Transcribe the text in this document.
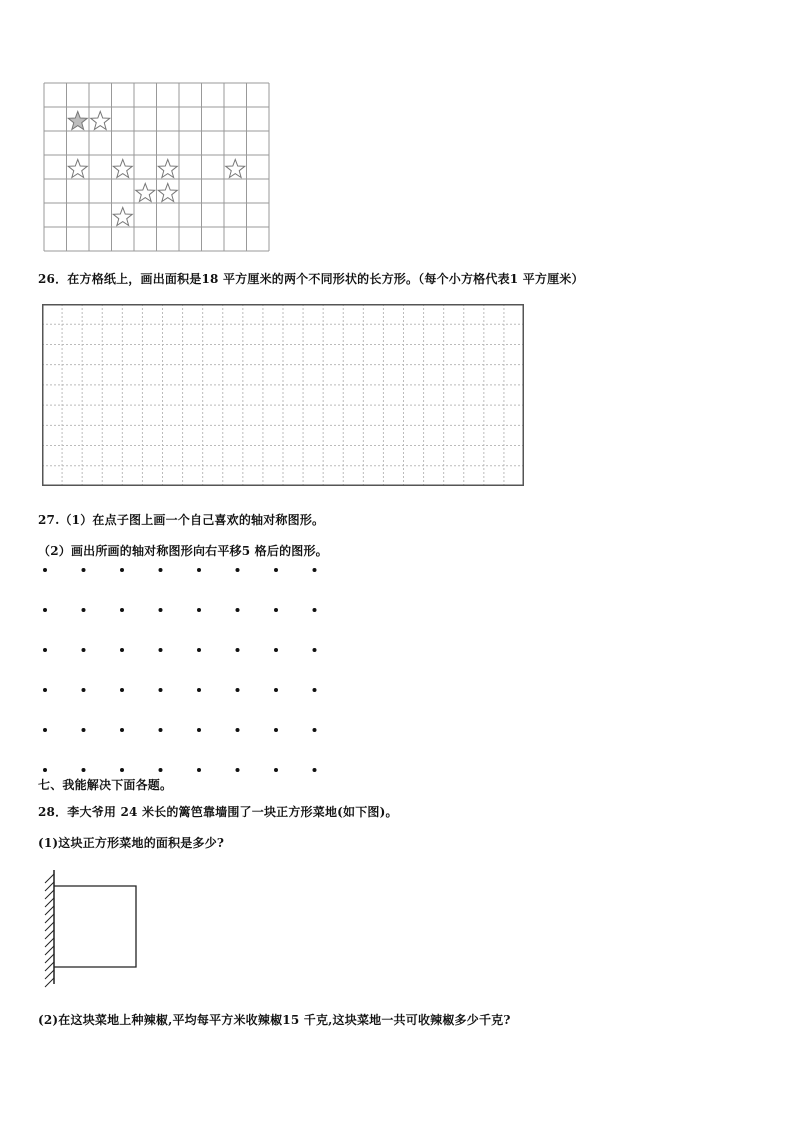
26．在方格纸上，画出面积是18 平方厘米的两个不同形状的长方形。（每个小方格代表1 平方厘米）
27.（1）在点子图上画一个自己喜欢的轴对称图形。
（2）画出所画的轴对称图形向右平移5 格后的图形。
七、我能解决下面各题。
28．李大爷用 24 米长的篱笆靠墙围了一块正方形菜地(如下图)。
(1)这块正方形菜地的面积是多少?
(2)在这块菜地上种辣椒,平均每平方米收辣椒15 千克,这块菜地一共可收辣椒多少千克?
